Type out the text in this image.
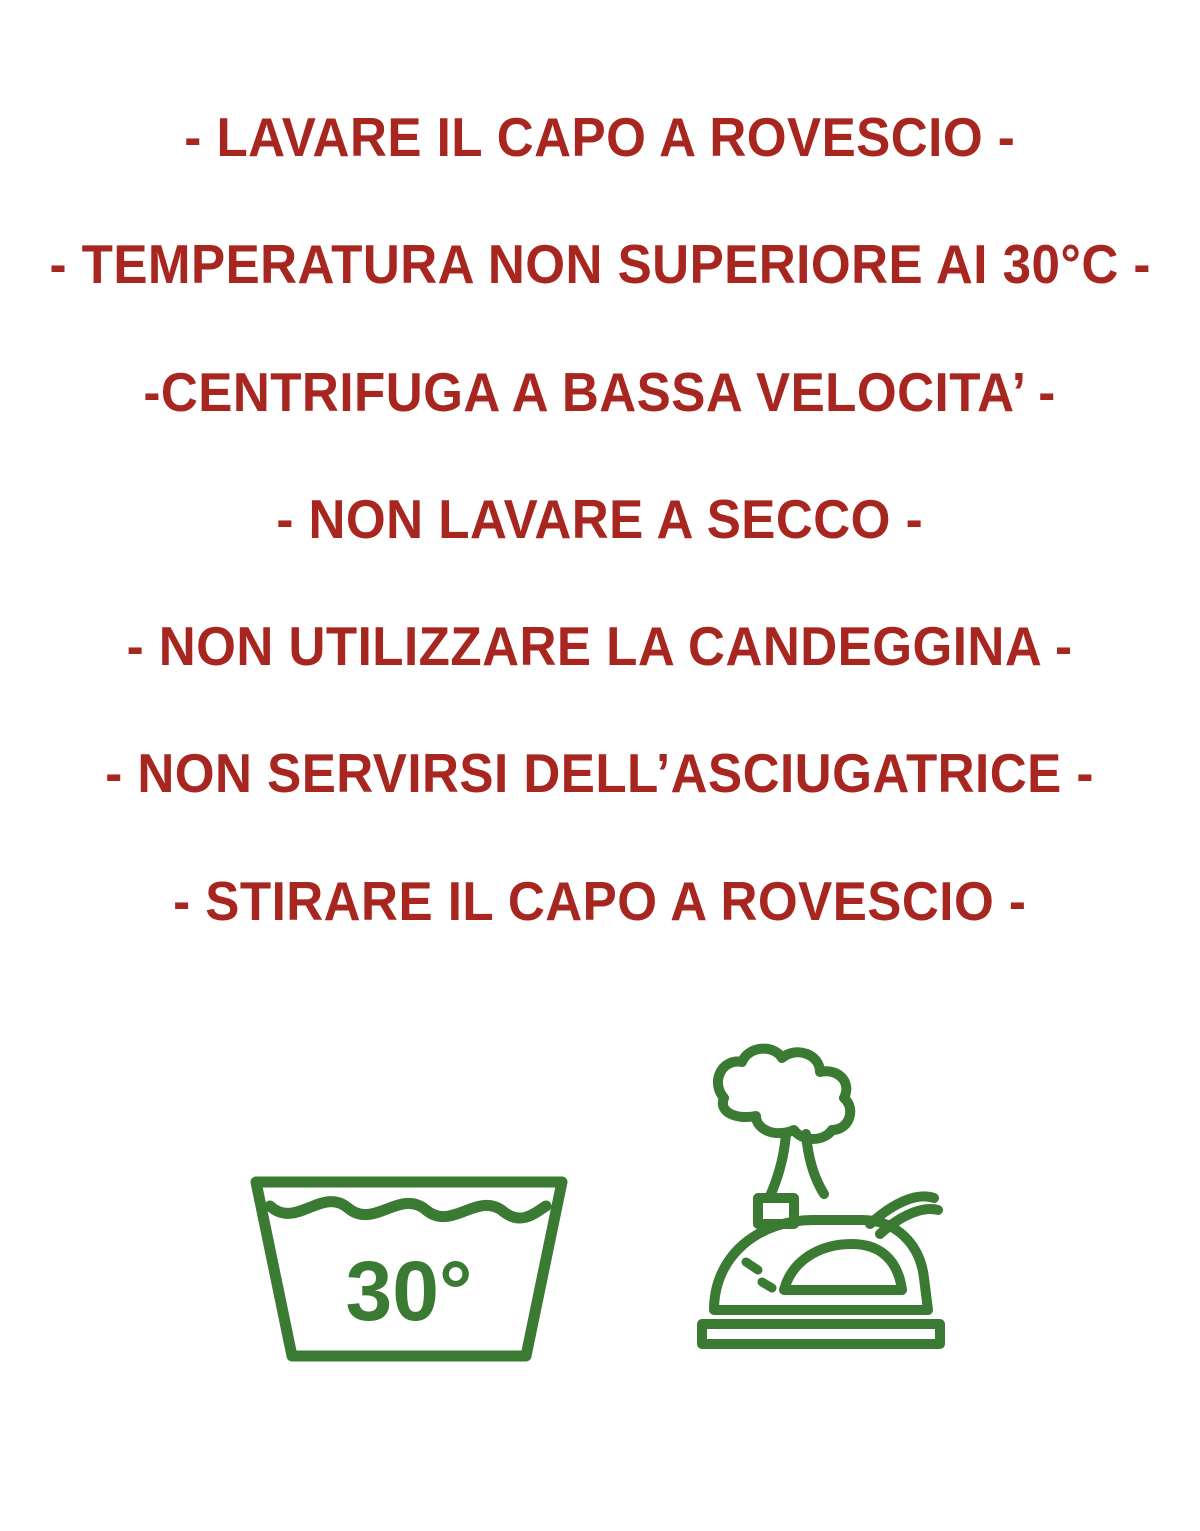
- LAVARE IL CAPO A ROVESCIO -
- TEMPERATURA NON SUPERIORE AI 30°C -
-CENTRIFUGA A BASSA VELOCITA’ -
- NON LAVARE A SECCO -
- NON UTILIZZARE LA CANDEGGINA -
- NON SERVIRSI DELL’ASCIUGATRICE -
- STIRARE IL CAPO A ROVESCIO -
30°
